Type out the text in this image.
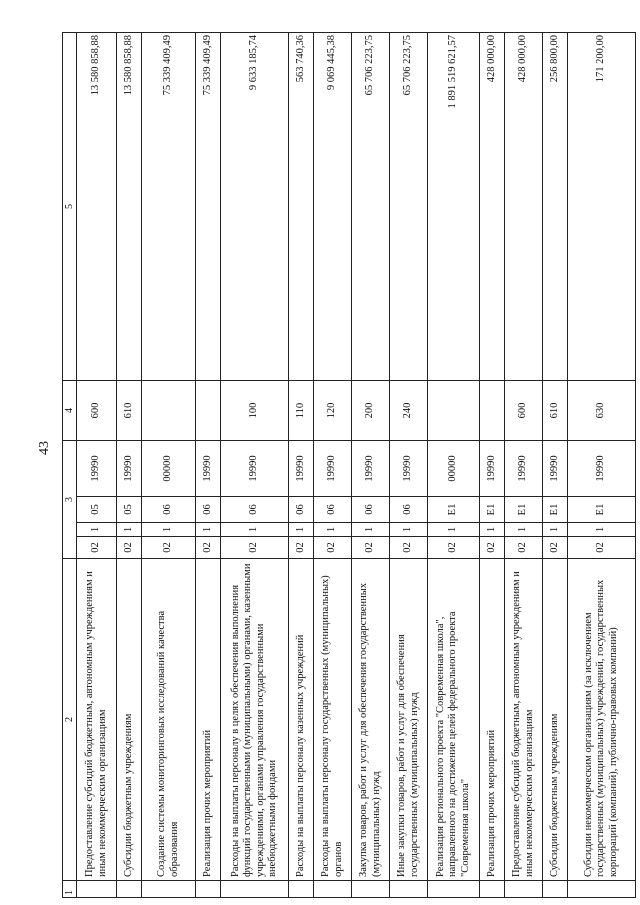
43
1	2	3				4	5
	Предоставление субсидий бюджетным, автономным учреждениям и иным некоммерческим организациям	02	1	05	19990	600	13 580 858,88
	Субсидии бюджетным учреждениям	02	1	05	19990	610	13 580 858,88
	Создание системы мониторинговых исследований качества образования	02	1	06	00000		75 339 409,49
	Реализация прочих мероприятий	02	1	06	19990		75 339 409,49
	Расходы на выплаты персоналу в целях обеспечения выполнения функций государственными (муниципальными) органами, казенными учреждениями, органами управления государственными внебюджетными фондами	02	1	06	19990	100	9 633 185,74
	Расходы на выплаты персоналу казенных учреждений	02	1	06	19990	110	563 740,36
	Расходы на выплаты персоналу государственных (муниципальных) органов	02	1	06	19990	120	9 069 445,38
	Закупка товаров, работ и услуг для обеспечения государственных (муниципальных) нужд	02	1	06	19990	200	65 706 223,75
	Иные закупки товаров, работ и услуг для обеспечения государственных (муниципальных) нужд	02	1	06	19990	240	65 706 223,75
	Реализация регионального проекта "Современная школа", направленного на достижение целей федерального проекта "Современная школа"	02	1	E1	00000		1 891 519 621,57
	Реализация прочих мероприятий	02	1	E1	19990		428 000,00
	Предоставление субсидий бюджетным, автономным учреждениям и иным некоммерческим организациям	02	1	E1	19990	600	428 000,00
	Субсидии бюджетным учреждениям	02	1	E1	19990	610	256 800,00
	Субсидии некоммерческим организациям (за исключением государственных (муниципальных) учреждений, государственных корпораций (компаний), публично-правовых компаний)	02	1	E1	19990	630	171 200,00
